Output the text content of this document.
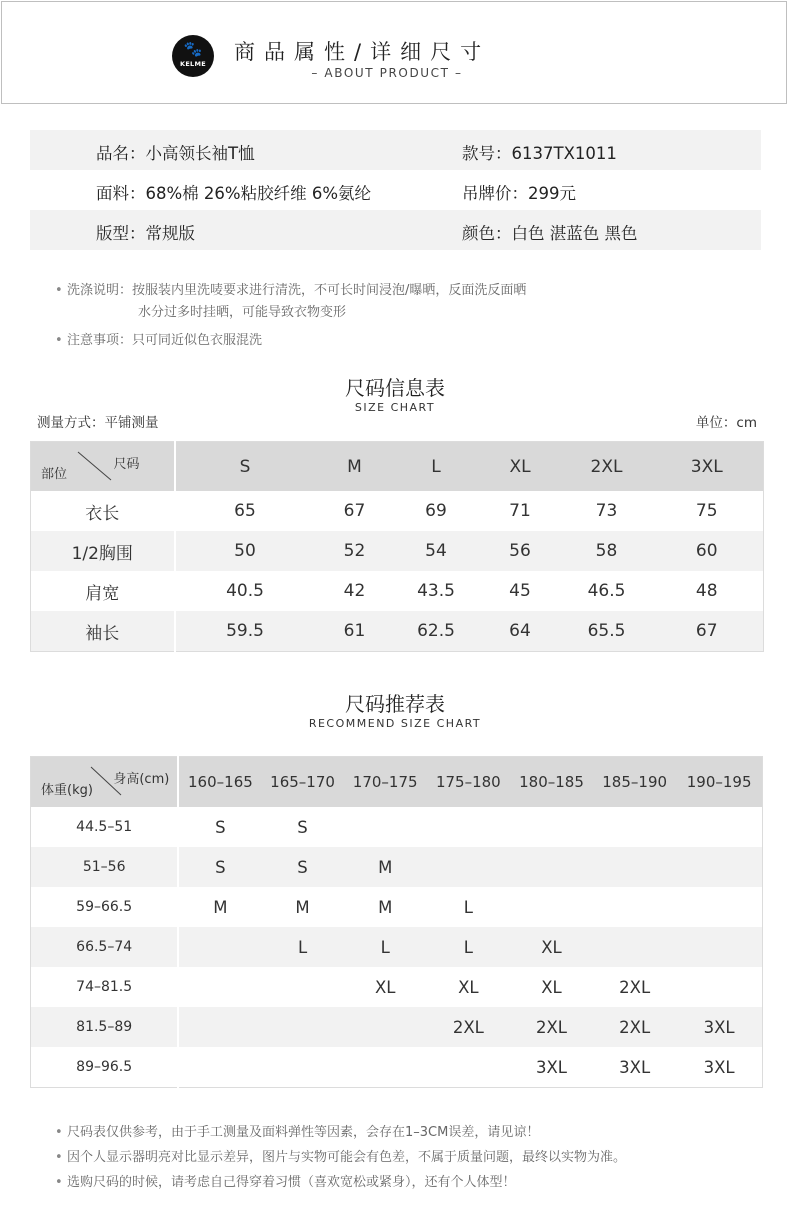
🐾
KELME	商品属性/详细尺寸
– ABOUT PRODUCT –
品名：小高领长袖T恤	款号：6137TX1011
面料：68%棉 26%粘胶纤维 6%氨纶	吊牌价：299元
版型：常规版	颜色：白色 湛蓝色 黑色
• 洗涤说明：按服装内里洗唛要求进行清洗，不可长时间浸泡/曝晒，反面洗反面晒
水分过多时挂晒，可能导致衣物变形
• 注意事项：只可同近似色衣服混洗
尺码信息表
SIZE CHART
测量方式：平铺测量	单位：cm
尺码
部位	S	M	L	XL	2XL	3XL
衣长	65	67	69	71	73	75
1/2胸围	50	52	54	56	58	60
肩宽	40.5	42	43.5	45	46.5	48
袖长	59.5	61	62.5	64	65.5	67
尺码推荐表
RECOMMEND SIZE CHART
身高(cm)
体重(kg)	160–165	165–170	170–175	175–180	180–185	185–190	190–195
44.5–51	S	S					
51–56	S	S	M				
59–66.5	M	M	M	L			
66.5–74		L	L	L	XL		
74–81.5			XL	XL	XL	2XL	
81.5–89				2XL	2XL	2XL	3XL
89–96.5					3XL	3XL	3XL
• 尺码表仅供参考，由于手工测量及面料弹性等因素，会存在1–3CM误差，请见谅！
• 因个人显示器明亮对比显示差异，图片与实物可能会有色差，不属于质量问题，最终以实物为准。
• 选购尺码的时候，请考虑自己得穿着习惯（喜欢宽松或紧身），还有个人体型！
